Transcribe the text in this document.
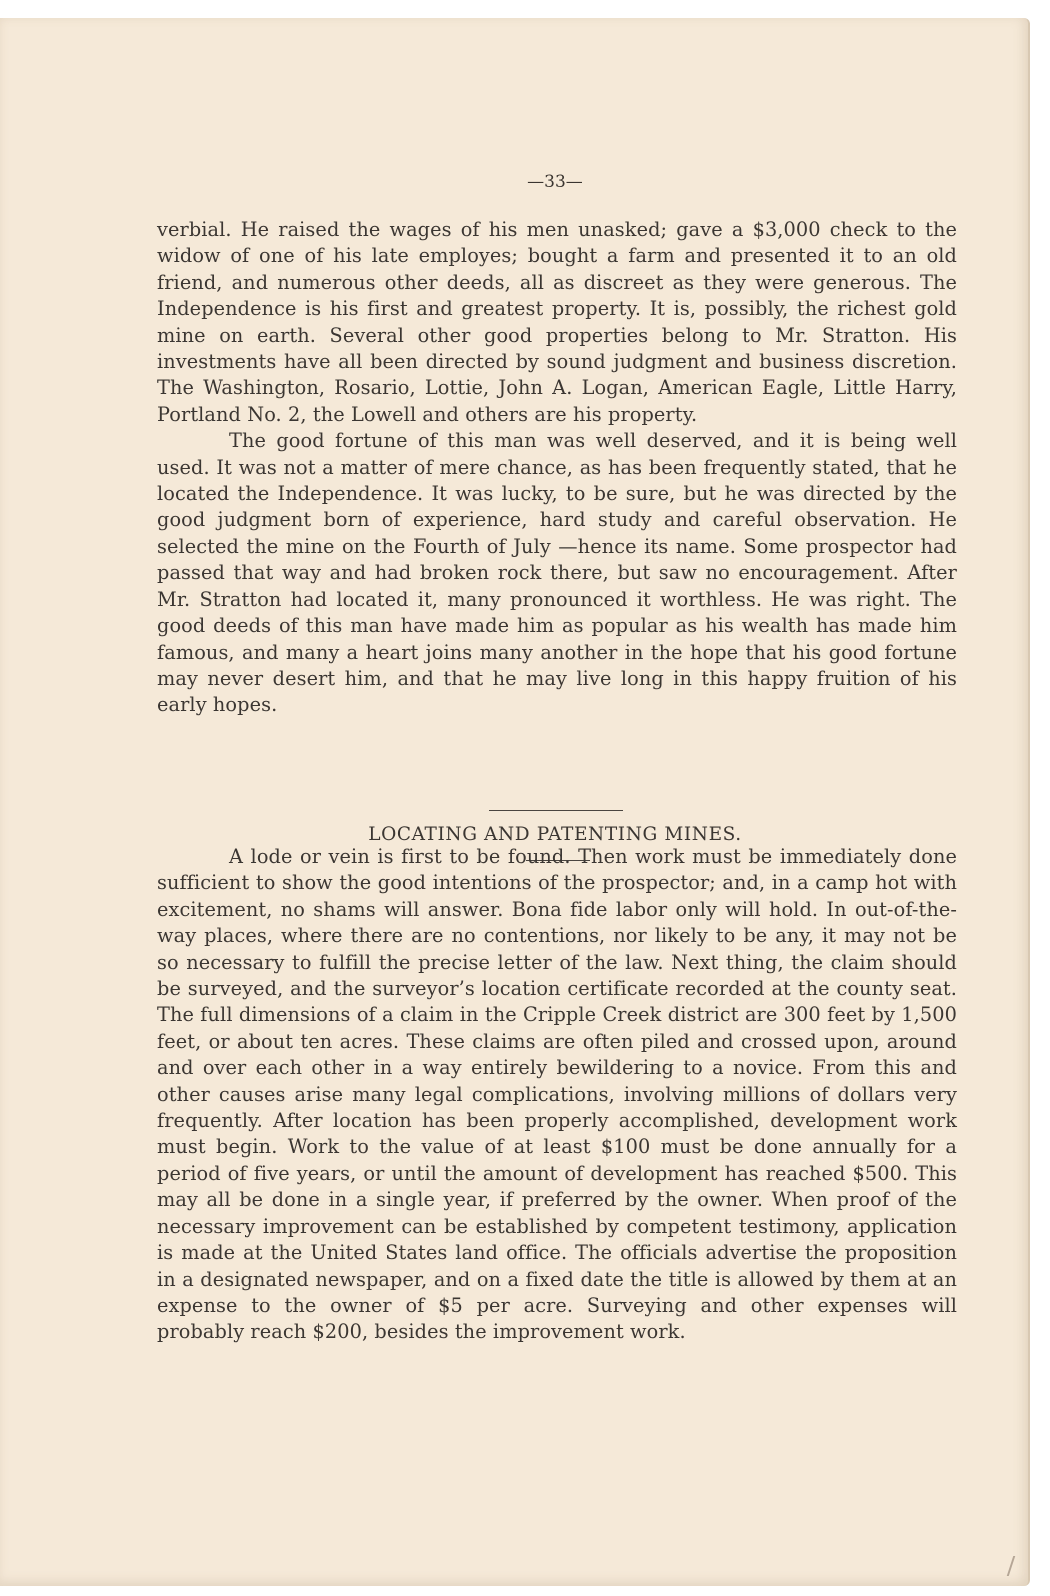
—33—

verbial. He raised the wages of his men unasked; gave a $3,000 check to the widow of one of his late employes; bought a farm and presented it to an old friend, and numerous other deeds, all as discreet as they were generous. The Independence is his first and greatest property. It is, possibly, the richest gold mine on earth. Several other good properties belong to Mr. Stratton. His investments have all been directed by sound judgment and business discretion. The Washington, Rosario, Lottie, John A. Logan, American Eagle, Little Harry, Portland No. 2, the Lowell and others are his property.

The good fortune of this man was well deserved, and it is being well used. It was not a matter of mere chance, as has been frequently stated, that he located the Independence. It was lucky, to be sure, but he was directed by the good judgment born of experience, hard study and careful observation. He selected the mine on the Fourth of July —hence its name. Some prospector had passed that way and had broken rock there, but saw no encouragement. After Mr. Stratton had located it, many pronounced it worthless. He was right. The good deeds of this man have made him as popular as his wealth has made him famous, and many a heart joins many another in the hope that his good fortune may never desert him, and that he may live long in this happy fruition of his early hopes.

LOCATING AND PATENTING MINES.

A lode or vein is first to be found. Then work must be immediately done sufficient to show the good intentions of the prospector; and, in a camp hot with excitement, no shams will answer. Bona fide labor only will hold. In out-of-the-way places, where there are no contentions, nor likely to be any, it may not be so necessary to fulfill the precise letter of the law. Next thing, the claim should be surveyed, and the surveyor’s location certificate recorded at the county seat. The full dimensions of a claim in the Cripple Creek district are 300 feet by 1,500 feet, or about ten acres. These claims are often piled and crossed upon, around and over each other in a way entirely bewildering to a novice. From this and other causes arise many legal complications, involving millions of dollars very frequently. After location has been properly accomplished, development work must begin. Work to the value of at least $100 must be done annually for a period of five years, or until the amount of development has reached $500. This may all be done in a single year, if preferred by the owner. When proof of the necessary improvement can be established by competent testimony, application is made at the United States land office. The officials advertise the proposition in a designated newspaper, and on a fixed date the title is allowed by them at an expense to the owner of $5 per acre. Surveying and other expenses will probably reach $200, besides the improvement work.
